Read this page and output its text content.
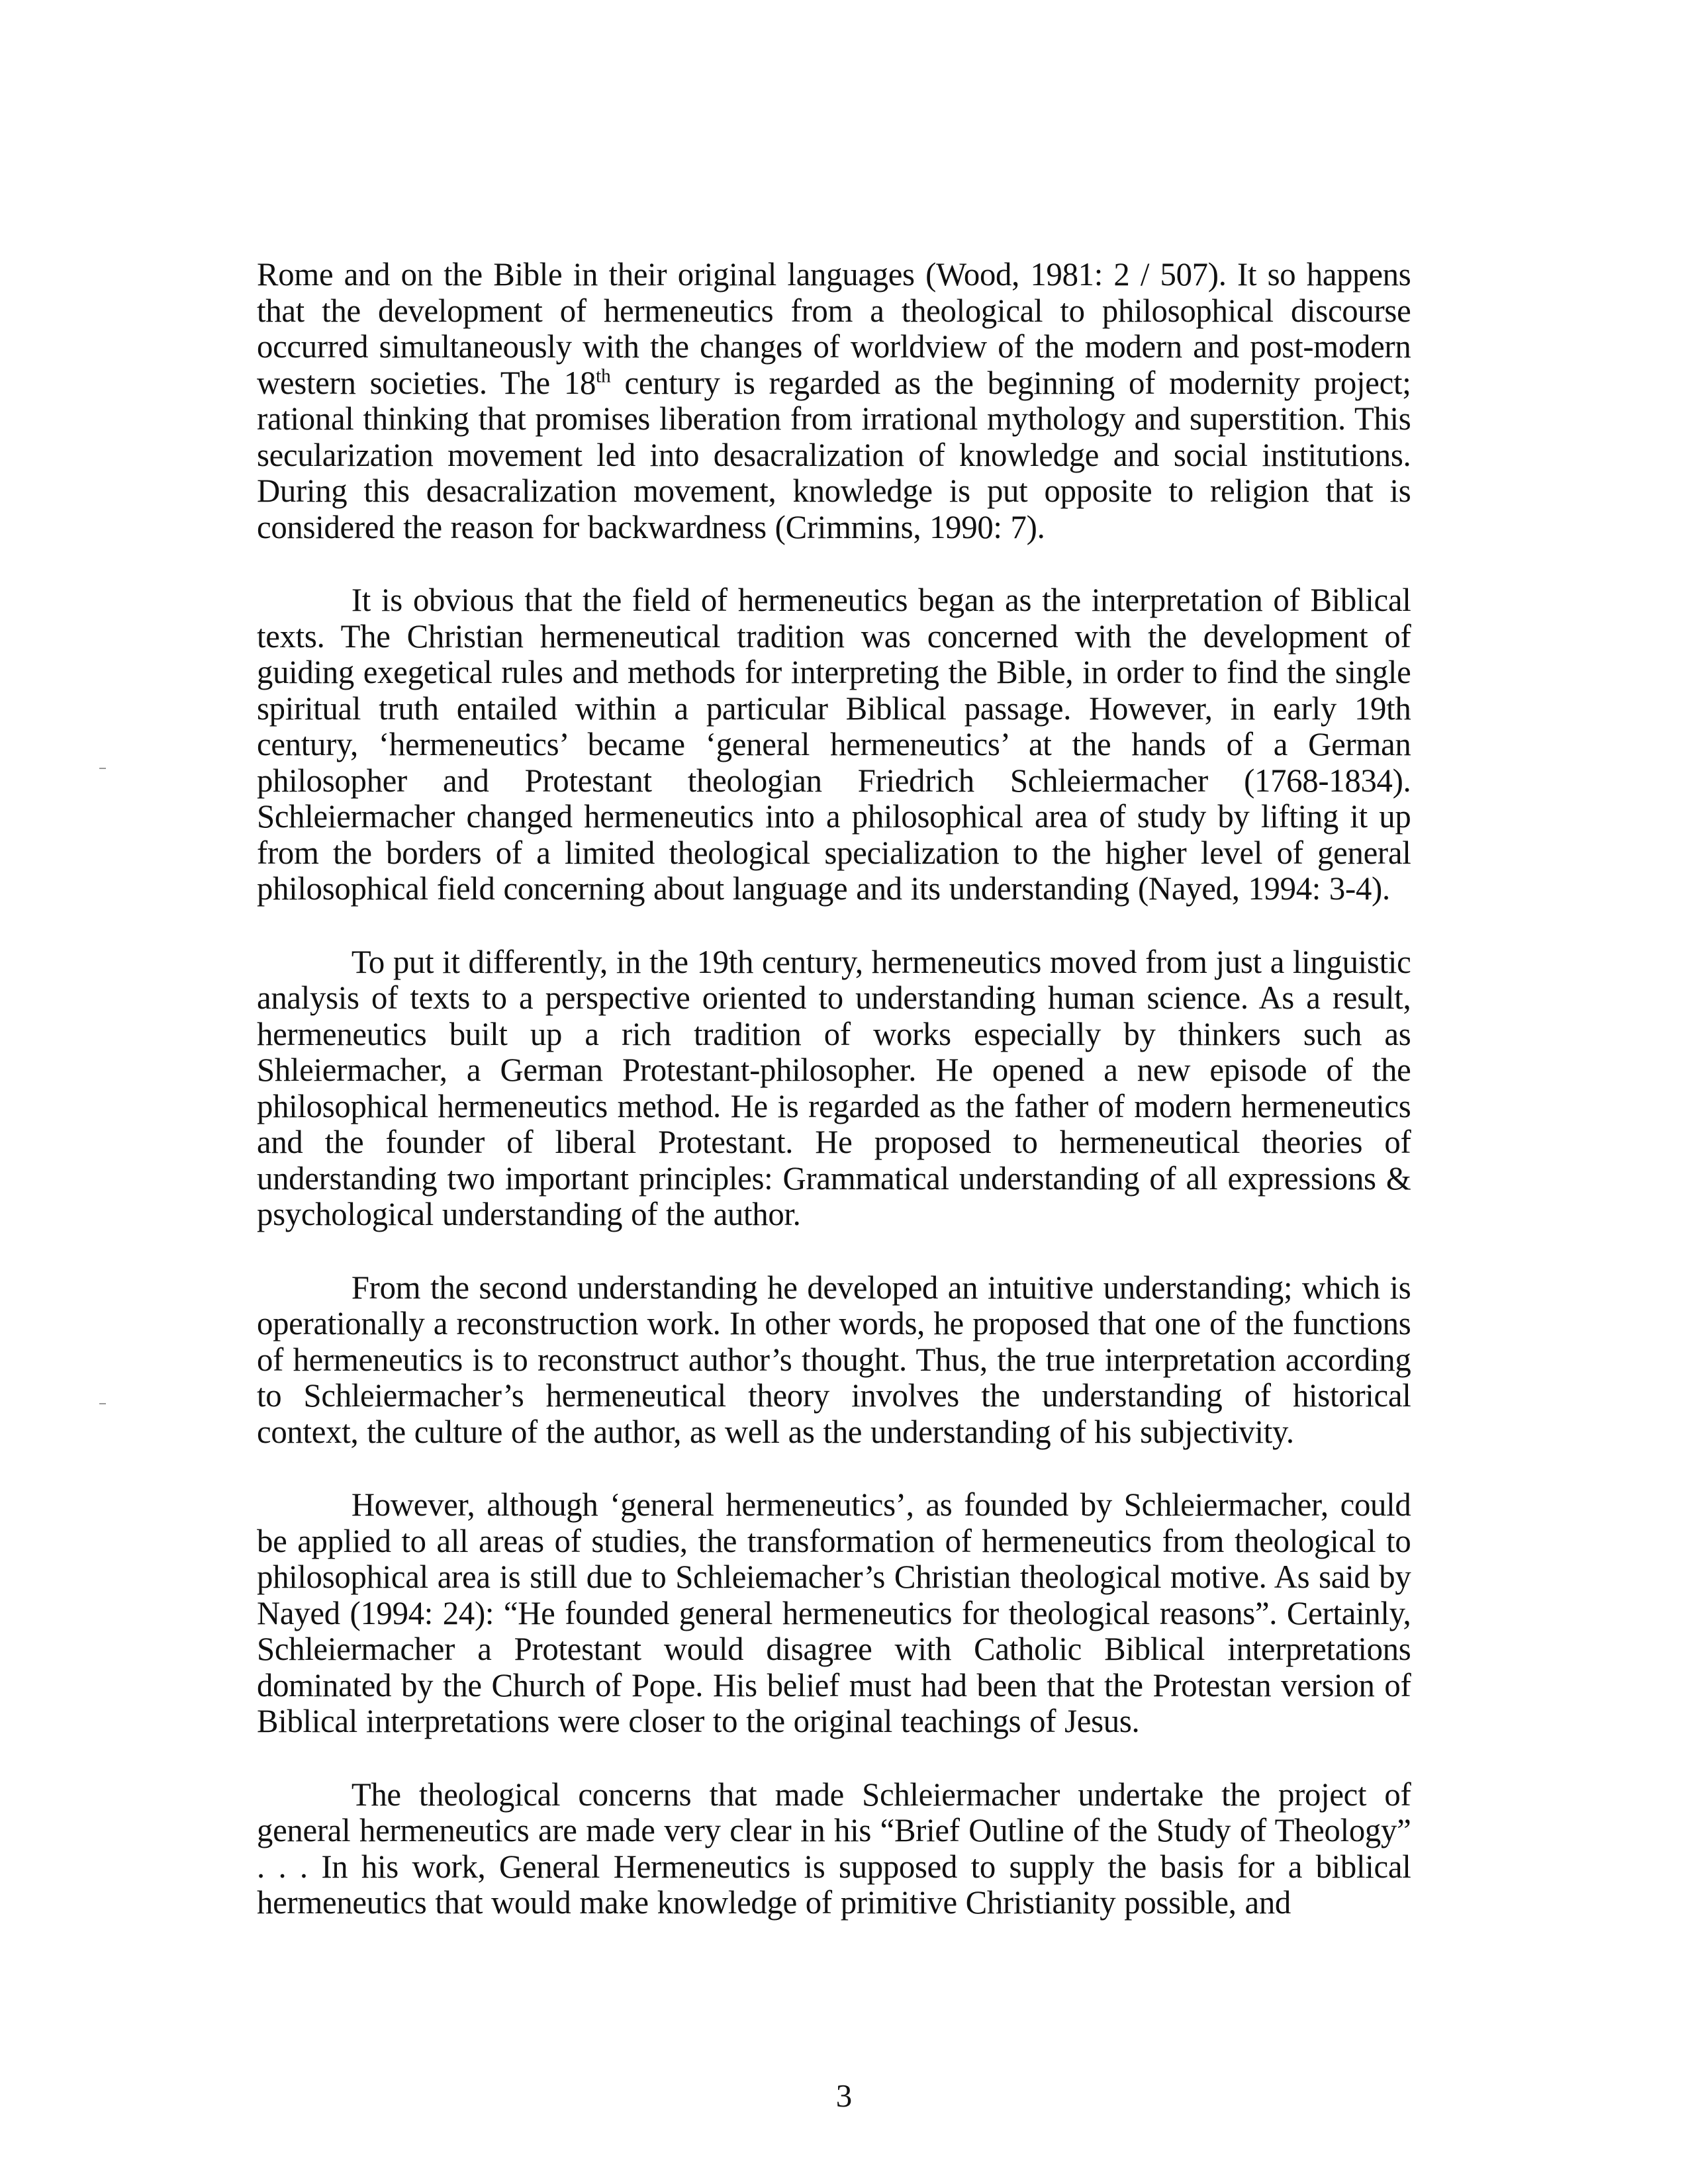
Rome and on the Bible in their original languages (Wood, 1981: 2 / 507). It so happens that the development of hermeneutics from a theological to philosophical discourse occurred simultaneously with the changes of worldview of the modern and post-modern western societies. The 18th century is regarded as the beginning of modernity project; rational thinking that promises liberation from irrational mythology and superstition. This secularization movement led into desacralization of knowledge and social institutions. During this desacralization movement, knowledge is put opposite to religion that is considered the reason for backwardness (Crimmins, 1990: 7).

It is obvious that the field of hermeneutics began as the interpretation of Biblical texts. The Christian hermeneutical tradition was concerned with the development of guiding exegetical rules and methods for interpreting the Bible, in order to find the single spiritual truth entailed within a particular Biblical passage. However, in early 19th century, ‘hermeneutics’ became ‘general hermeneutics’ at the hands of a German philosopher and Protestant theologian Friedrich Schleiermacher (1768-1834). Schleiermacher changed hermeneutics into a philosophical area of study by lifting it up from the borders of a limited theological specialization to the higher level of general philosophical field concerning about language and its understanding (Nayed, 1994: 3-4).

To put it differently, in the 19th century, hermeneutics moved from just a linguistic analysis of texts to a perspective oriented to understanding human science. As a result, hermeneutics built up a rich tradition of works especially by thinkers such as Shleiermacher, a German Protestant-philosopher. He opened a new episode of the philosophical hermeneutics method. He is regarded as the father of modern hermeneutics and the founder of liberal Protestant. He proposed to hermeneutical theories of understanding two important principles: Grammatical understanding of all expressions & psychological understanding of the author.

From the second understanding he developed an intuitive understanding; which is operationally a reconstruction work. In other words, he proposed that one of the functions of hermeneutics is to reconstruct author’s thought. Thus, the true interpretation according to Schleiermacher’s hermeneutical theory involves the understanding of historical context, the culture of the author, as well as the understanding of his subjectivity.

However, although ‘general hermeneutics’, as founded by Schleiermacher, could be applied to all areas of studies, the transformation of hermeneutics from theological to philosophical area is still due to Schleiemacher’s Christian theological motive. As said by Nayed (1994: 24): “He founded general hermeneutics for theological reasons”. Certainly, Schleiermacher a Protestant would disagree with Catholic Biblical interpretations dominated by the Church of Pope. His belief must had been that the Protestan version of Biblical interpretations were closer to the original teachings of Jesus.

The theological concerns that made Schleiermacher undertake the project of general hermeneutics are made very clear in his “Brief Outline of the Study of Theology” . . . In his work, General Hermeneutics is supposed to supply the basis for a biblical hermeneutics that would make knowledge of primitive Christianity possible, and

3
